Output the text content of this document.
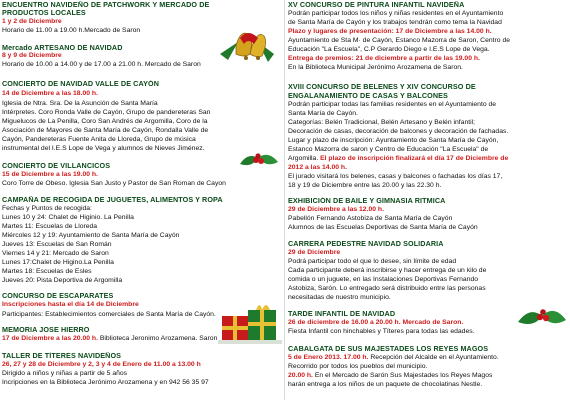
ENCUENTRO NAVIDEÑO DE PATCHWORK Y MERCADO DE
PRODUCTOS LOCALES
1 y 2 de Diciembre
Horario de 11.00 a 19.00 h.Mercado de Saron
Mercado ARTESANO DE NAVIDAD
8 y 9 de Diciembre
Horario de 10.00 a 14.00 y de 17.00 a 21.00 h. Mercado de Saron
CONCIERTO DE NAVIDAD VALLE DE CAYÓN
14 de Diciembre a las 18.00 h.
Iglesia de Ntra. Sra. De la Asunción de Santa María
Intérpretes. Coro Ronda Valle de Cayón, Grupo de pandereteras San
Miguelucos de La Penilla, Coro San Andrés de Argomilla, Coro de la
Asociación de Mayores de Santa María de Cayón, Rondalla Valle de
Cayón, Pandereteras Fuente Anita de Lloreda, Grupo de música
instrumental del I.E.S Lope de Vega y alumnos de Nieves Jiménez.
CONCIERTO DE VILLANCICOS
15 de Diciembre a las 19.00 h.
Coro Torre de Obeso. Iglesia San Justo y Pastor de San Roman de Cayon
CAMPAÑA DE RECOGIDA DE JUGUETES, ALIMENTOS Y ROPA
Fechas y Puntos de recogida:
Lunes 10 y 24: Chalet de Higinio. La Penilla
Martes 11: Escuelas de Lloreda
Miércoles 12 y 19: Ayuntamiento de Santa María de Cayón
Jueves 13: Escuelas de San Román
Viernes 14 y 21: Mercado de Saron
Lunes 17:Chalet de Higino.La Penilla
Martes 18: Escuelas de Esles
Jueves 20: Pista Deportiva de Argomilla
CONCURSO DE ESCAPARATES
Inscripciones hasta el día 14 de Diciembre
Participantes: Establecimientos comerciales de Santa María de Cayón.
MEMORIA JOSE HIERRO
17 de Diciembre a las 20.00 h. Biblioteca Jeronimo Arozamena. Saron
TALLER DE TÍTERES NAVIDEÑOS
26, 27 y 28 de Diciembre y 2, 3 y 4 de Enero de 11.00 a 13.00 h
Dirigido a niños y niñas a partir de 5 años
Incripciones en la Biblioteca Jerónimo Arozamena y en 942 56 35 97
XV CONCURSO DE PINTURA INFANTIL NAVIDEÑA
Podrán participar todos los niños y niñas residentes en el Ayuntamiento
de Santa María de Cayón y los trabajos tendrán como tema la Navidad
Plazo y lugares de presentación: 17 de Diciembre a las 14.00 h.
Ayuntamiento de Sta M· de Cayón, Estanco Mazorra de Saron, Centro de
Educación "La Escuela", C.P Gerardo Diego e I.E.S Lope de Vega.
Entrega de premios: 21 de diciembre a partir de las 19.00 h.
En la Biblioteca Municipal Jerónimo Arozamena de Saron.
XVIII CONCURSO DE BELENES Y XIV CONCURSO DE
ENGALANAMIENTO DE CASAS Y BALCONES
Podrán participar todas las familias residentes en el Ayuntamiento de
Santa María de Cayón.
Categorías: Belén Tradicional, Belén Artesano y Belén infantil;
Decoración de casas, decoración de balcones y decoración de fachadas.
Lugar y plazo de inscripción: Ayuntamiento de Santa María de Cayón,
Estanco Mazorra de saron y Centro de Educación "La Escuela" de
Argomilla. El plazo de inscripción finalizará el día 17 de Diciembre de
2012 a las 14.00 h.
El jurado visitará los belenes, casas y balcones o fachadas los días 17,
18 y 19 de Diciembre entre las 20.00 y las 22.30 h.
EXHIBICIÓN DE BAILE Y GIMNASIA RITMICA
29 de Diciembre a las 12.00 h.
Pabellón Fernando Astobiza de Santa María de Cayón
Alumnos de las Escuelas Deportivas de Santa María de Cayón
CARRERA PEDESTRE NAVIDAD SOLIDARIA
29 de Diciembre
Podrá participar todo el que lo desee, sin límite de edad
Cada participante deberá inscribirse y hacer entrega de un kilo de
comida o un juguete, en las Instalaciones Deportivas Fernando
Astobiza, Sarón. Lo entregado será distribuido entre las personas
necesitadas de nuestro municipio.
TARDE INFANTIL DE NAVIDAD
26 de diciembre de 16.00 a 20.00 h. Mercado de Saron.
Fiesta Infantil con hinchables y Títeres para todas las edades.
CABALGATA DE SUS MAJESTADES LOS REYES MAGOS
5 de Enero 2013. 17.00 h. Recepción del Alcalde en el Ayuntamiento.
Recorrido por todos los pueblos del municipio.
20.00 h. En el Mercado de Sarón Sus Majestades los Reyes Magos
harán entrega a los niños de un paquete de chocolatinas Nestle.
